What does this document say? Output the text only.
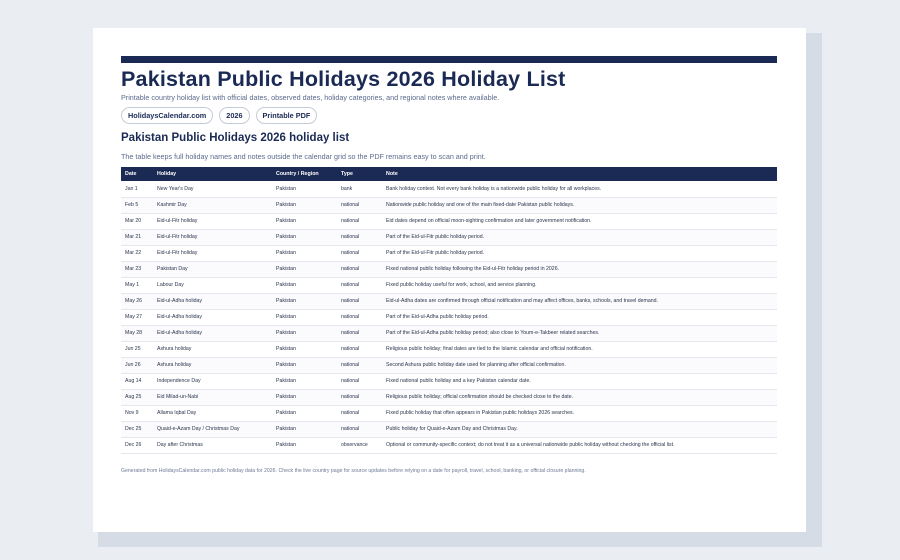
Pakistan Public Holidays 2026 Holiday List
Printable country holiday list with official dates, observed dates, holiday categories, and regional notes where available.
HolidaysCalendar.com	2026	Printable PDF
Pakistan Public Holidays 2026 holiday list
The table keeps full holiday names and notes outside the calendar grid so the PDF remains easy to scan and print.
Date	Holiday	Country / Region	Type	Note
Jan 1	New Year's Day	Pakistan	bank	Bank holiday context. Not every bank holiday is a nationwide public holiday for all workplaces.
Feb 5	Kashmir Day	Pakistan	national	Nationwide public holiday and one of the main fixed-date Pakistan public holidays.
Mar 20	Eid-ul-Fitr holiday	Pakistan	national	Eid dates depend on official moon-sighting confirmation and later government notification.
Mar 21	Eid-ul-Fitr holiday	Pakistan	national	Part of the Eid-ul-Fitr public holiday period.
Mar 22	Eid-ul-Fitr holiday	Pakistan	national	Part of the Eid-ul-Fitr public holiday period.
Mar 23	Pakistan Day	Pakistan	national	Fixed national public holiday following the Eid-ul-Fitr holiday period in 2026.
May 1	Labour Day	Pakistan	national	Fixed public holiday useful for work, school, and service planning.
May 26	Eid-ul-Adha holiday	Pakistan	national	Eid-ul-Adha dates are confirmed through official notification and may affect offices, banks, schools, and travel demand.
May 27	Eid-ul-Adha holiday	Pakistan	national	Part of the Eid-ul-Adha public holiday period.
May 28	Eid-ul-Adha holiday	Pakistan	national	Part of the Eid-ul-Adha public holiday period; also close to Youm-e-Takbeer related searches.
Jun 25	Ashura holiday	Pakistan	national	Religious public holiday; final dates are tied to the Islamic calendar and official notification.
Jun 26	Ashura holiday	Pakistan	national	Second Ashura public holiday date used for planning after official confirmation.
Aug 14	Independence Day	Pakistan	national	Fixed national public holiday and a key Pakistan calendar date.
Aug 25	Eid Milad-un-Nabi	Pakistan	national	Religious public holiday; official confirmation should be checked close to the date.
Nov 9	Allama Iqbal Day	Pakistan	national	Fixed public holiday that often appears in Pakistan public holidays 2026 searches.
Dec 25	Quaid-e-Azam Day / Christmas Day	Pakistan	national	Public holiday for Quaid-e-Azam Day and Christmas Day.
Dec 26	Day after Christmas	Pakistan	observance	Optional or community-specific context; do not treat it as a universal nationwide public holiday without checking the official list.
Generated from HolidaysCalendar.com public holiday data for 2026. Check the live country page for source updates before relying on a date for payroll, travel, school, banking, or official closure planning.
